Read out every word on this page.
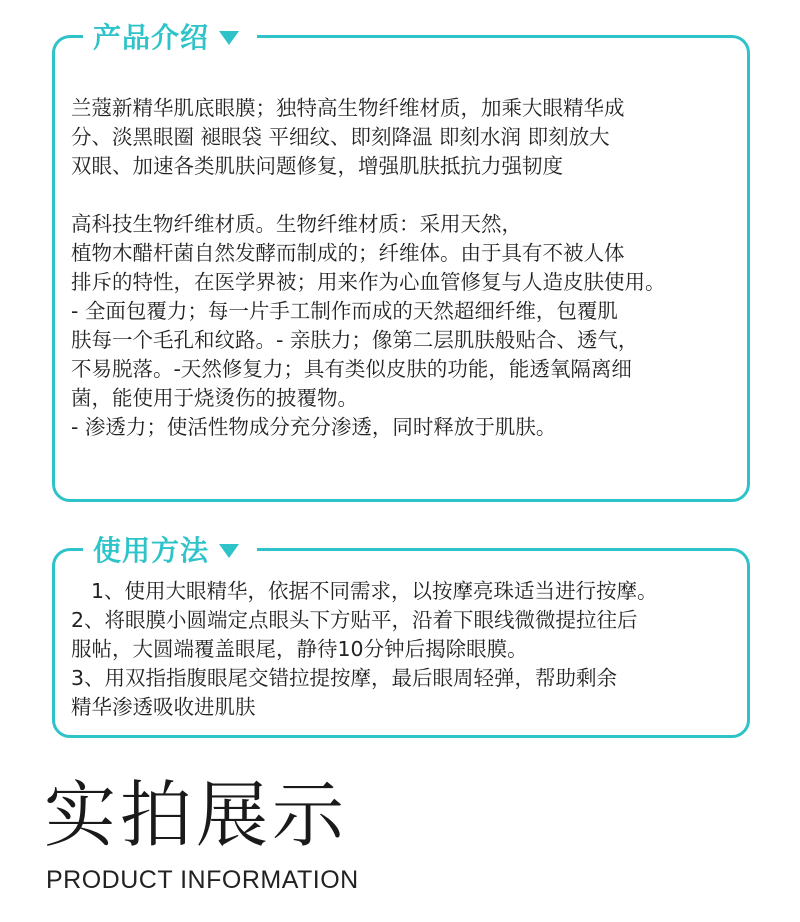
产品介绍

兰蔻新精华肌底眼膜；独特高生物纤维材质，加乘大眼精华成

分、淡黑眼圈 褪眼袋 平细纹、即刻降温 即刻水润 即刻放大

双眼、加速各类肌肤问题修复，增强肌肤抵抗力强韧度

高科技生物纤维材质。生物纤维材质：采用天然，

植物木醋杆菌自然发酵而制成的；纤维体。由于具有不被人体

排斥的特性，在医学界被；用来作为心血管修复与人造皮肤使用。

- 全面包覆力；每一片手工制作而成的天然超细纤维，包覆肌

肤每一个毛孔和纹路。- 亲肤力；像第二层肌肤般贴合、透气，

不易脱落。-天然修复力；具有类似皮肤的功能，能透氧隔离细

菌，能使用于烧烫伤的披覆物。

- 渗透力；使活性物成分充分渗透，同时释放于肌肤。

使用方法

1、使用大眼精华，依据不同需求，以按摩亮珠适当进行按摩。

2、将眼膜小圆端定点眼头下方贴平，沿着下眼线微微提拉往后

服帖，大圆端覆盖眼尾，静待10分钟后揭除眼膜。

3、用双指指腹眼尾交错拉提按摩，最后眼周轻弹，帮助剩余

精华渗透吸收进肌肤

实拍展示
PRODUCT INFORMATION
